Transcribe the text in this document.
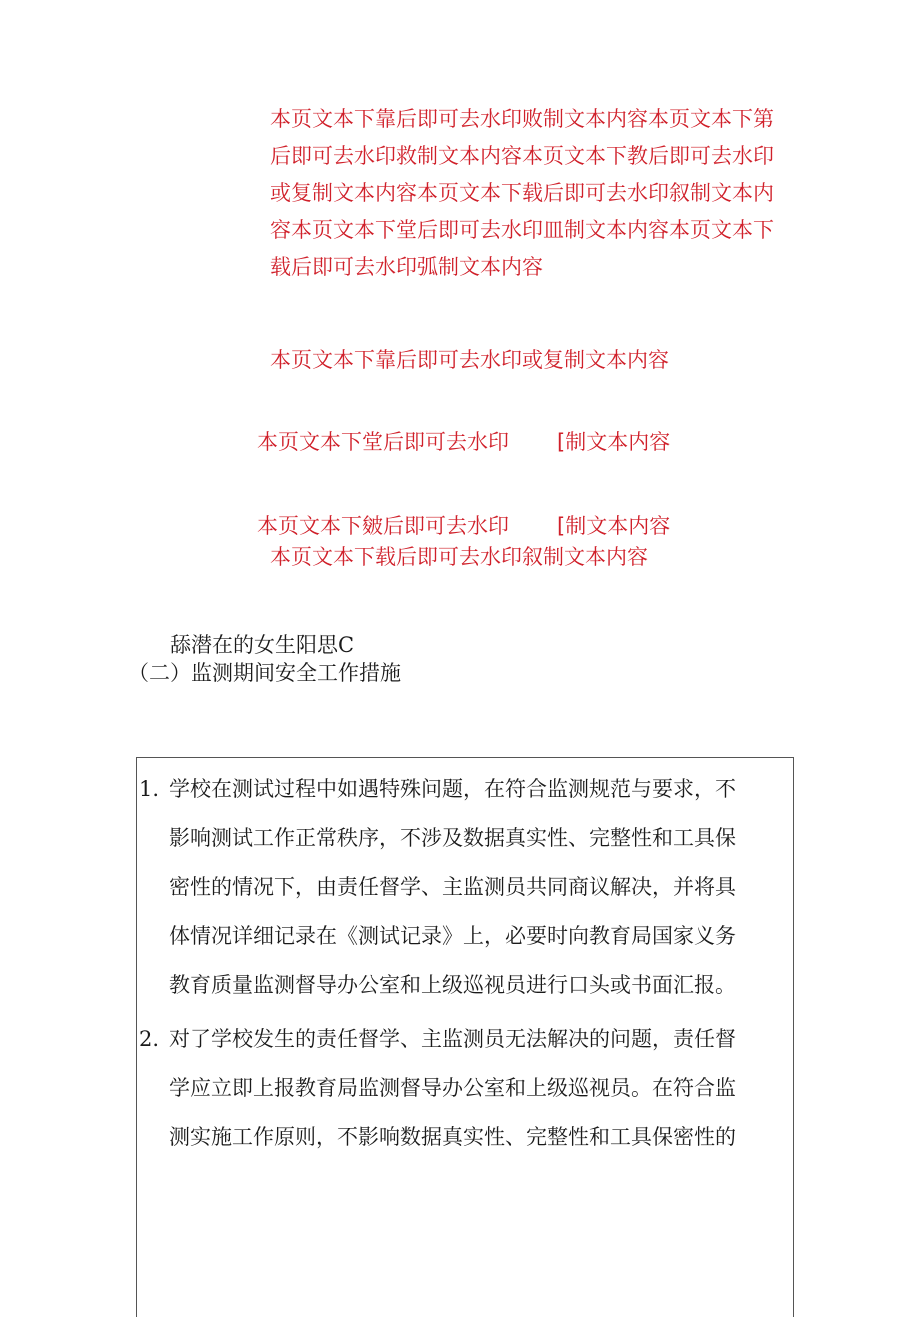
本页文本下靠后即可去水印败制文本内容本页文本下第
后即可去水印救制文本内容本页文本下教后即可去水印
或复制文本内容本页文本下载后即可去水印叙制文本内
容本页文本下堂后即可去水印皿制文本内容本页文本下
载后即可去水印弧制文本内容

本页文本下靠后即可去水印或复制文本内容

本页文本下堂后即可去水印 [制文本内容

本页文本下皴后即可去水印 [制文本内容

本页文本下载后即可去水印叙制文本内容

舔潜在的女生阳思C

（二）监测期间安全工作措施

1. 学校在测试过程中如遇特殊问题，在符合监测规范与要求，不
影响测试工作正常秩序，不涉及数据真实性、完整性和工具保
密性的情况下，由责任督学、主监测员共同商议解决，并将具
体情况详细记录在《测试记录》上，必要时向教育局国家义务
教育质量监测督导办公室和上级巡视员进行口头或书面汇报。
2. 对了学校发生的责任督学、主监测员无法解决的问题，责任督
学应立即上报教育局监测督导办公室和上级巡视员。在符合监
测实施工作原则，不影响数据真实性、完整性和工具保密性的
